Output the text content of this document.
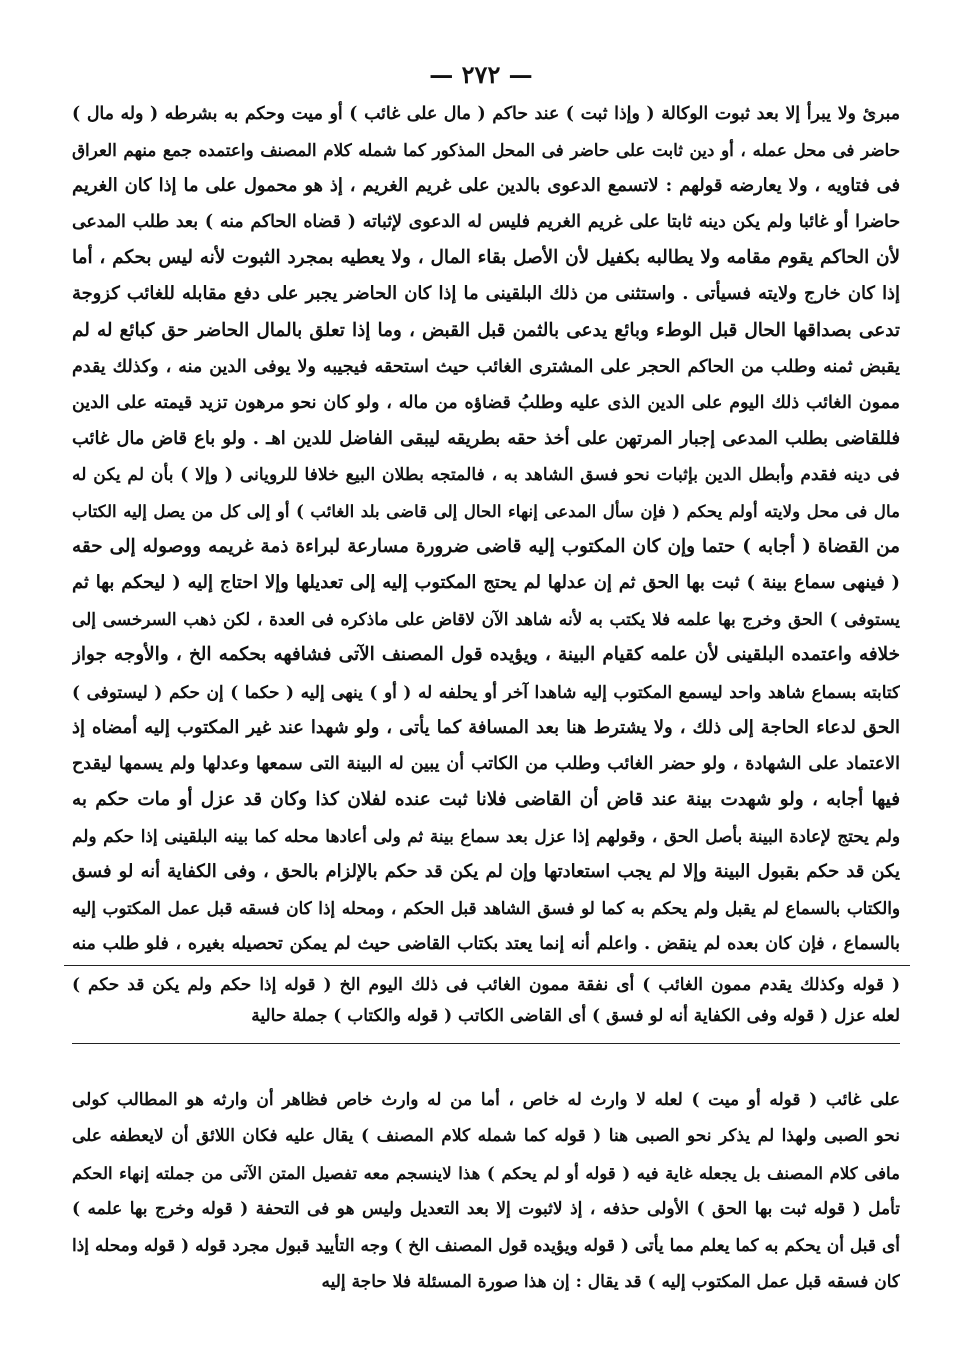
— ٢٧٢ —
مبرئ ولا يبرأ إلا بعد ثبوت الوكالة ( وإذا ثبت ) عند حاكم ( مال على غائب ) أو ميت وحكم به بشرطه ( وله مال )
حاضر فى محل عمله ، أو دين ثابت على حاضر فى المحل المذكور كما شمله كلام المصنف واعتمده جمع منهم العراق
فى فتاويه ، ولا يعارضه قولهم : لاتسمع الدعوى بالدين على غريم الغريم ، إذ هو محمول على ما إذا كان الغريم
حاضرا أو غائبا ولم يكن دينه ثابتا على غريم الغريم فليس له الدعوى لإثباته ( قضاه الحاكم منه ) بعد طلب المدعى
لأن الحاكم يقوم مقامه ولا يطالبه بكفيل لأن الأصل بقاء المال ، ولا يعطيه بمجرد الثبوت لأنه ليس بحكم ، أما
إذا كان خارج ولايته فسيأتى . واستثنى من ذلك البلقينى ما إذا كان الحاضر يجبر على دفع مقابله للغائب كزوجة
تدعى بصداقها الحال قبل الوطء وبائع يدعى بالثمن قبل القبض ، وما إذا تعلق بالمال الحاضر حق كبائع له لم
يقبض ثمنه وطلب من الحاكم الحجر على المشترى الغائب حيث استحقه فيجيبه ولا يوفى الدين منه ، وكذلك يقدم
ممون الغائب ذلك اليوم على الدين الذى عليه وطلبُ قضاؤه من ماله ، ولو كان نحو مرهون تزيد قيمته على الدين
فللقاضى بطلب المدعى إجبار المرتهن على أخذ حقه بطريقه ليبقى الفاضل للدين اهـ . ولو باع قاض مال غائب
فى دينه فقدم وأبطل الدين بإثبات نحو فسق الشاهد به ، فالمتجه بطلان البيع خلافا للرويانى ( وإلا ) بأن لم يكن له
مال فى محل ولايته أولم يحكم ( فإن سأل المدعى إنهاء الحال إلى قاضى بلد الغائب ) أو إلى كل من يصل إليه الكتاب
من القضاة ( أجابه ) حتما وإن كان المكتوب إليه قاضى ضرورة مسارعة لبراءة ذمة غريمه ووصوله إلى حقه
( فينهى سماع بينة ) ثبت بها الحق ثم إن عدلها لم يحتج المكتوب إليه إلى تعديلها وإلا احتاج إليه ( ليحكم بها ثم
يستوفى ) الحق وخرج بها علمه فلا يكتب به لأنه شاهد الآن لاقاض على ماذكره فى العدة ، لكن ذهب السرخسى إلى
خلافه واعتمده البلقينى لأن علمه كقيام البينة ، ويؤيده قول المصنف الآتى فشافهه بحكمه الخ ، والأوجه جواز
كتابته بسماع شاهد واحد ليسمع المكتوب إليه شاهدا آخر أو يحلفه له ( أو ) ينهى إليه ( حكما ) إن حكم ( ليستوفى )
الحق لدعاء الحاجة إلى ذلك ، ولا يشترط هنا بعد المسافة كما يأتى ، ولو شهدا عند غير المكتوب إليه أمضاه إذ
الاعتماد على الشهادة ، ولو حضر الغائب وطلب من الكاتب أن يبين له البينة التى سمعها وعدلها ولم يسمها ليقدح
فيها أجابه ، ولو شهدت بينة عند قاض أن القاضى فلانا ثبت عنده لفلان كذا وكان قد عزل أو مات حكم به
ولم يحتج لإعادة البينة بأصل الحق ، وقولهم إذا عزل بعد سماع بينة ثم ولى أعادها محله كما بينه البلقينى إذا حكم ولم
يكن قد حكم بقبول البينة وإلا لم يجب استعادتها وإن لم يكن قد حكم بالإلزام بالحق ، وفى الكفاية أنه لو فسق
والكتاب بالسماع لم يقبل ولم يحكم به كما لو فسق الشاهد قبل الحكم ، ومحله إذا كان فسقه قبل عمل المكتوب إليه
بالسماع ، فإن كان بعده لم ينقض . واعلم أنه إنما يعتد بكتاب القاضى حيث لم يمكن تحصيله بغيره ، فلو طلب منه
( قوله وكذلك يقدم ممون الغائب ) أى نفقة ممون الغائب فى ذلك اليوم الخ ( قوله إذا حكم ولم يكن قد حكم )
لعله عزل ( قوله وفى الكفاية أنه لو فسق ) أى القاضى الكاتب ( قوله والكتاب ) جملة حالية
على غائب ( قوله أو ميت ) لعله لا وارث له خاص ، أما من له وارث خاص فظاهر أن وارثه هو المطالب كولى
نحو الصبى ولهذا لم يذكر نحو الصبى هنا ( قوله كما شمله كلام المصنف ) يقال عليه فكان اللائق أن لايعطفه على
مافى كلام المصنف بل يجعله غاية فيه ( قوله أو لم يحكم ) هذا لاينسجم معه تفصيل المتن الآتى من جملته إنهاء الحكم
تأمل ( قوله ثبت بها الحق ) الأولى حذفه ، إذ لاثبوت إلا بعد التعديل وليس هو فى التحفة ( قوله وخرج بها علمه )
أى قبل أن يحكم به كما يعلم مما يأتى ( قوله ويؤيده قول المصنف الخ ) وجه التأييد قبول مجرد قوله ( قوله ومحله إذا
كان فسقه قبل عمل المكتوب إليه ) قد يقال : إن هذا صورة المسئلة فلا حاجة إليه
